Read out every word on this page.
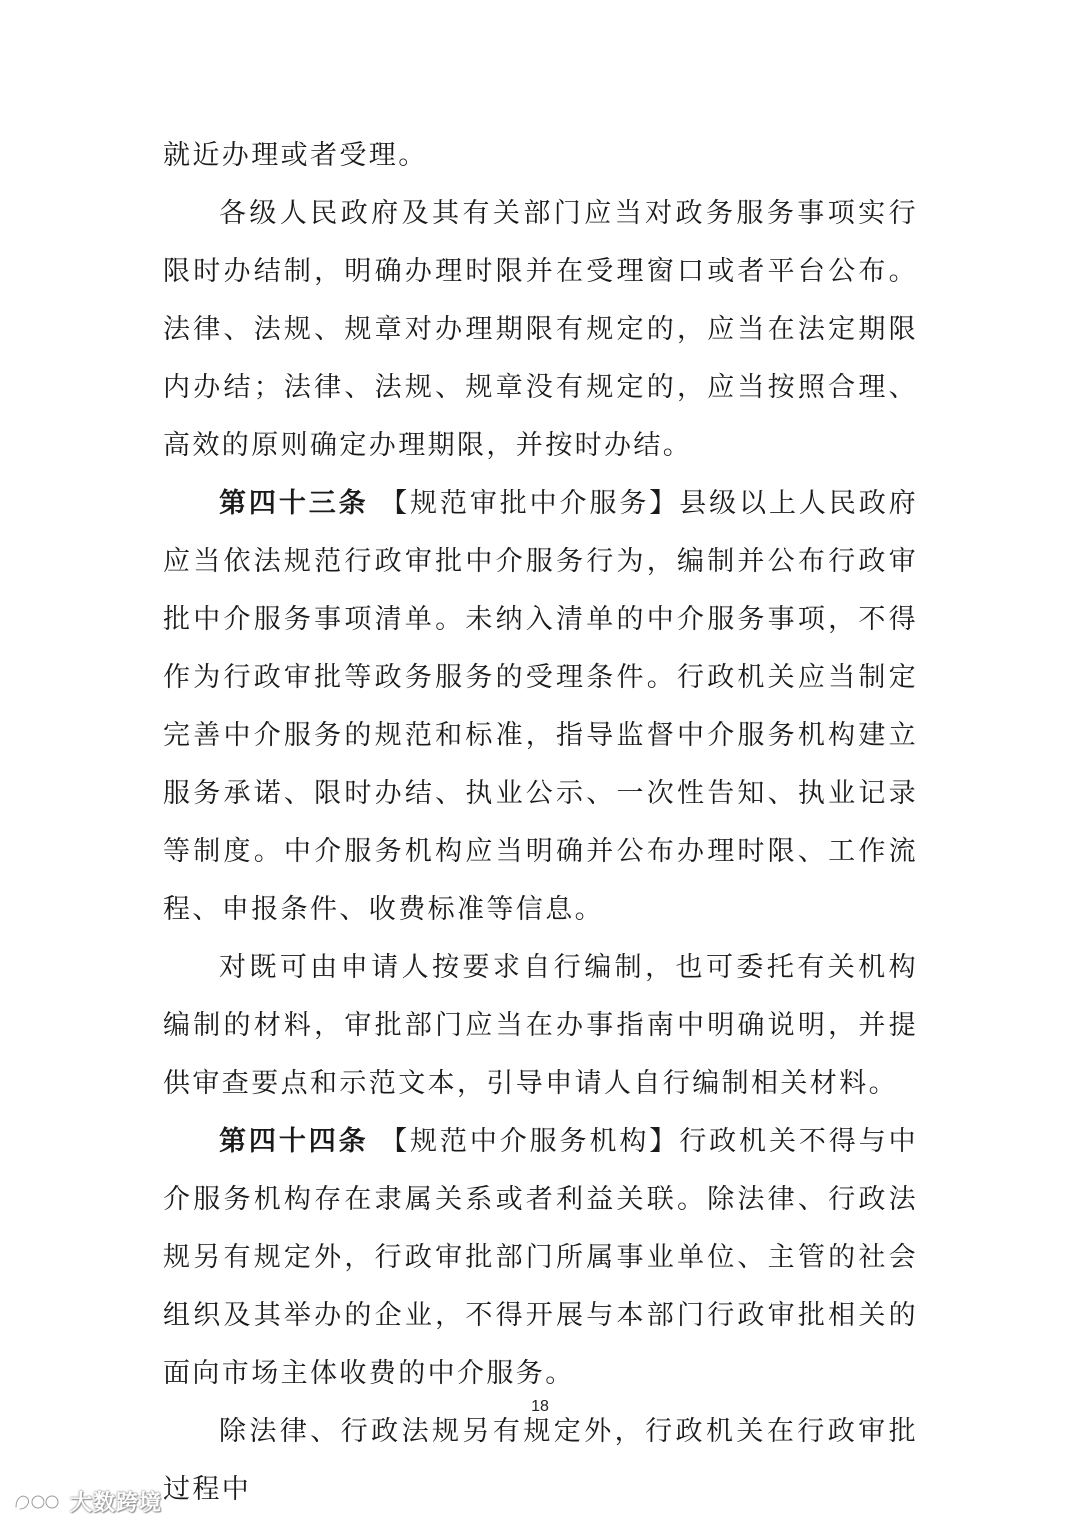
就近办理或者受理。

各级人民政府及其有关部门应当对政务服务事项实行限时办结制，明确办理时限并在受理窗口或者平台公布。法律、法规、规章对办理期限有规定的，应当在法定期限内办结；法律、法规、规章没有规定的，应当按照合理、高效的原则确定办理期限，并按时办结。

第四十三条 【规范审批中介服务】县级以上人民政府应当依法规范行政审批中介服务行为，编制并公布行政审批中介服务事项清单。未纳入清单的中介服务事项，不得作为行政审批等政务服务的受理条件。行政机关应当制定完善中介服务的规范和标准，指导监督中介服务机构建立服务承诺、限时办结、执业公示、一次性告知、执业记录等制度。中介服务机构应当明确并公布办理时限、工作流程、申报条件、收费标准等信息。

对既可由申请人按要求自行编制，也可委托有关机构编制的材料，审批部门应当在办事指南中明确说明，并提供审查要点和示范文本，引导申请人自行编制相关材料。

第四十四条 【规范中介服务机构】行政机关不得与中介服务机构存在隶属关系或者利益关联。除法律、行政法规另有规定外，行政审批部门所属事业单位、主管的社会组织及其举办的企业，不得开展与本部门行政审批相关的面向市场主体收费的中介服务。

除法律、行政法规另有规定外，行政机关在行政审批过程中

18
大数跨境
